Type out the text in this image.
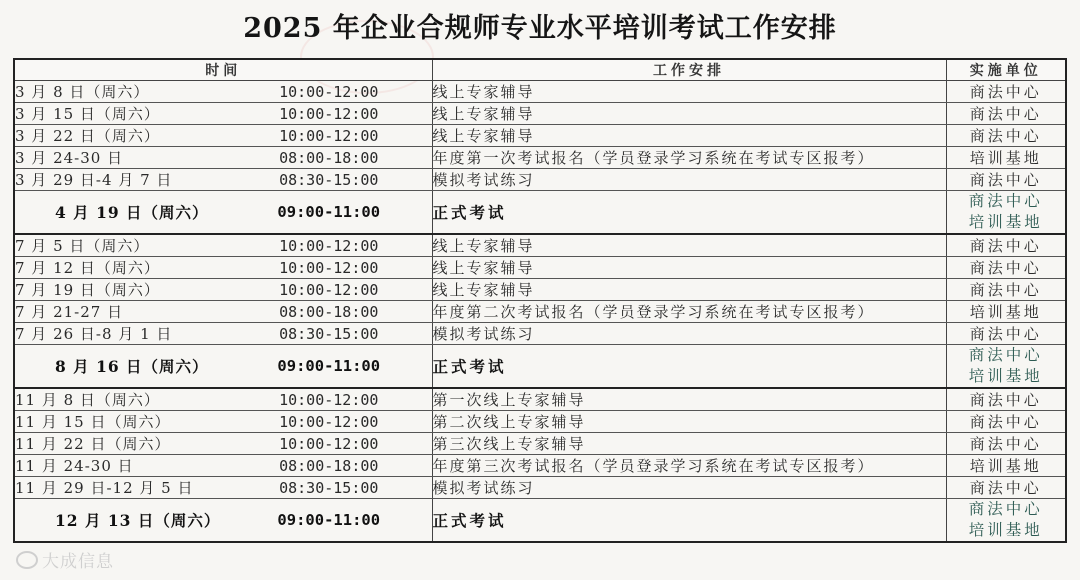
2025 年企业合规师专业水平培训考试工作安排
时间		工作安排	实施单位
3 月 8 日（周六）	10:00-12:00	线上专家辅导	商法中心

3 月 15 日（周六）	10:00-12:00	线上专家辅导	商法中心

3 月 22 日（周六）	10:00-12:00	线上专家辅导	商法中心

3 月 24-30 日	08:00-18:00	年度第一次考试报名（学员登录学习系统在考试专区报考）	培训基地

3 月 29 日-4 月 7 日	08:30-15:00	模拟考试练习	商法中心

4 月 19 日（周六）	09:00-11:00	正式考试	商法中心
培训基地

7 月 5 日（周六）	10:00-12:00	线上专家辅导	商法中心

7 月 12 日（周六）	10:00-12:00	线上专家辅导	商法中心

7 月 19 日（周六）	10:00-12:00	线上专家辅导	商法中心

7 月 21-27 日	08:00-18:00	年度第二次考试报名（学员登录学习系统在考试专区报考）	培训基地

7 月 26 日-8 月 1 日	08:30-15:00	模拟考试练习	商法中心

8 月 16 日（周六）	09:00-11:00	正式考试	商法中心
培训基地

11 月 8 日（周六）	10:00-12:00	第一次线上专家辅导	商法中心

11 月 15 日（周六）	10:00-12:00	第二次线上专家辅导	商法中心

11 月 22 日（周六）	10:00-12:00	第三次线上专家辅导	商法中心

11 月 24-30 日	08:00-18:00	年度第三次考试报名（学员登录学习系统在考试专区报考）	培训基地

11 月 29 日-12 月 5 日	08:30-15:00	模拟考试练习	商法中心

12 月 13 日（周六）	09:00-11:00	正式考试	商法中心
培训基地
大成信息
